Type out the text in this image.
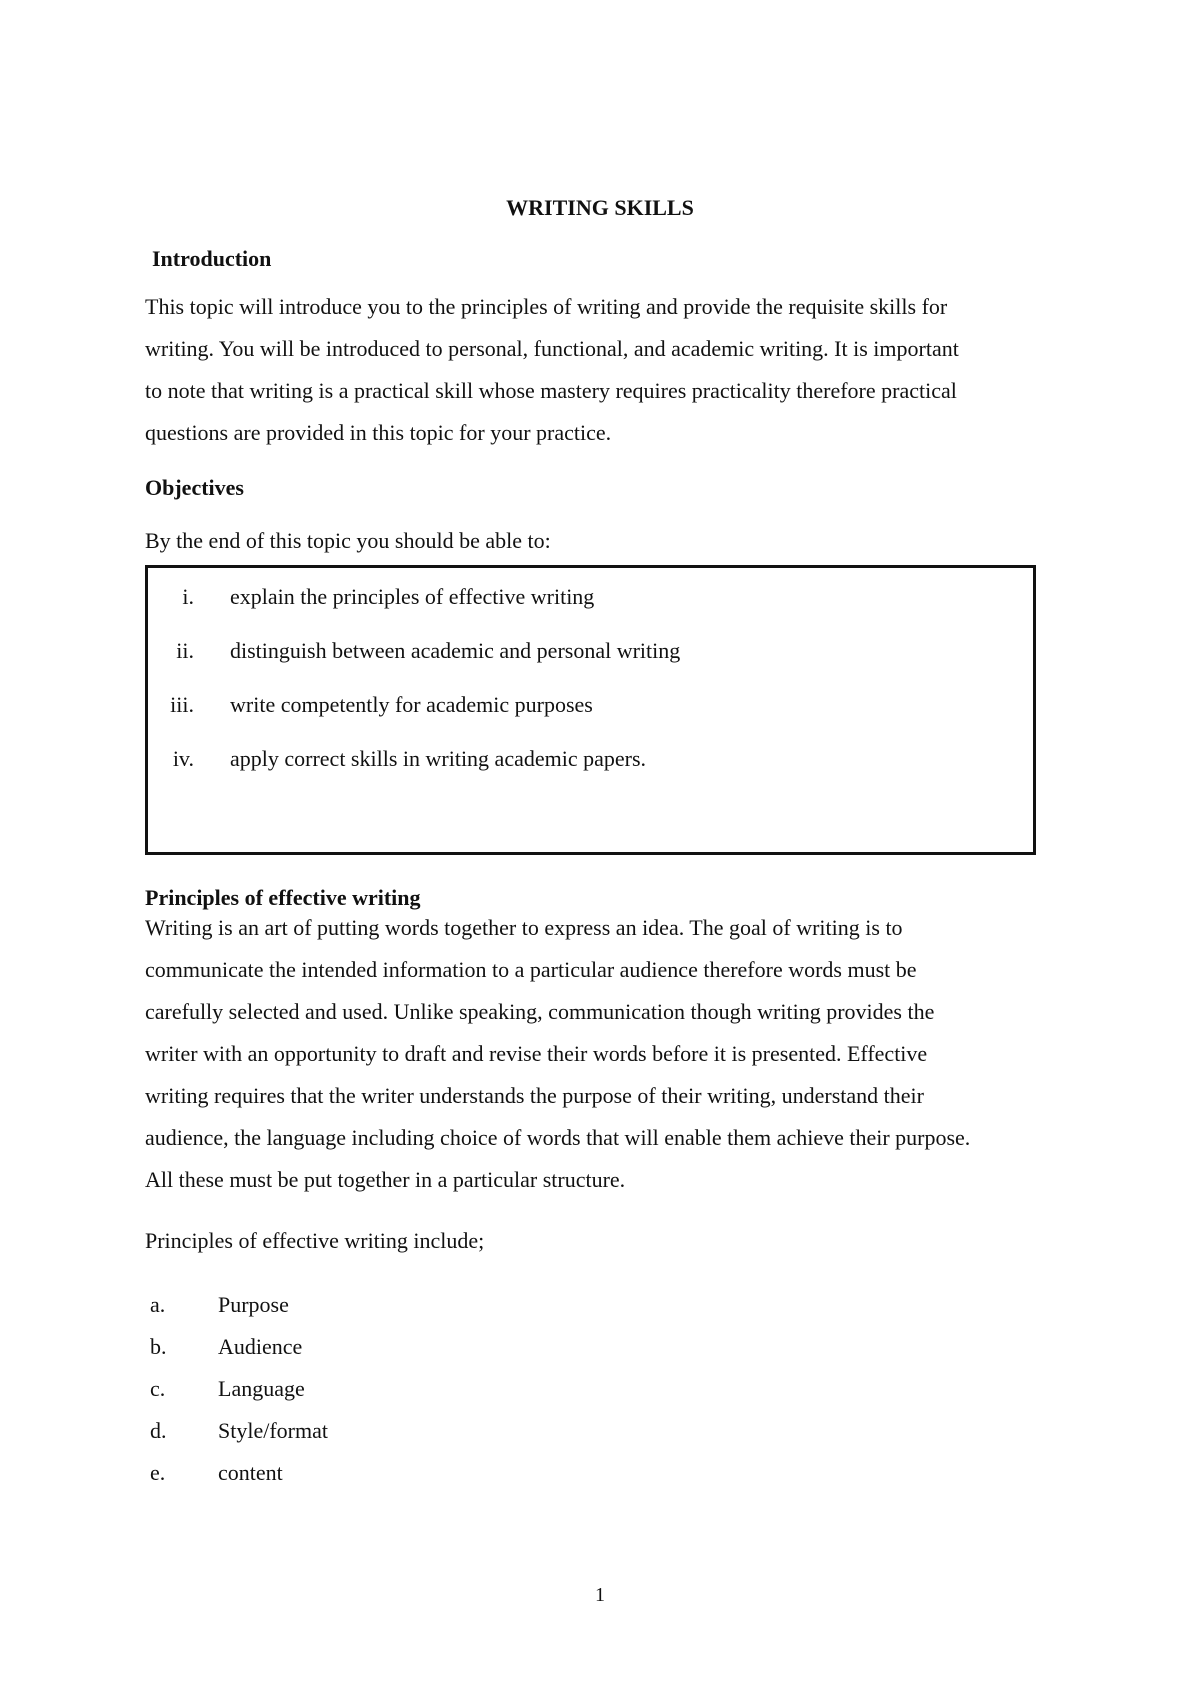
WRITING SKILLS
Introduction
This topic will introduce you to the principles of writing and provide the requisite skills for
writing. You will be introduced to personal, functional, and academic writing. It is important
to note that writing is a practical skill whose mastery requires practicality therefore practical
questions are provided in this topic for your practice.
Objectives
By the end of this topic you should be able to:
i. explain the principles of effective writing
ii. distinguish between academic and personal writing
iii. write competently for academic purposes
iv. apply correct skills in writing academic papers.
Principles of effective writing
Writing is an art of putting words together to express an idea. The goal of writing is to
communicate the intended information to a particular audience therefore words must be
carefully selected and used. Unlike speaking, communication though writing provides the
writer with an opportunity to draft and revise their words before it is presented. Effective
writing requires that the writer understands the purpose of their writing, understand their
audience, the language including choice of words that will enable them achieve their purpose.
All these must be put together in a particular structure.
Principles of effective writing include;
a.	Purpose
b.	Audience
c.	Language
d.	Style/format
e.	content
1
